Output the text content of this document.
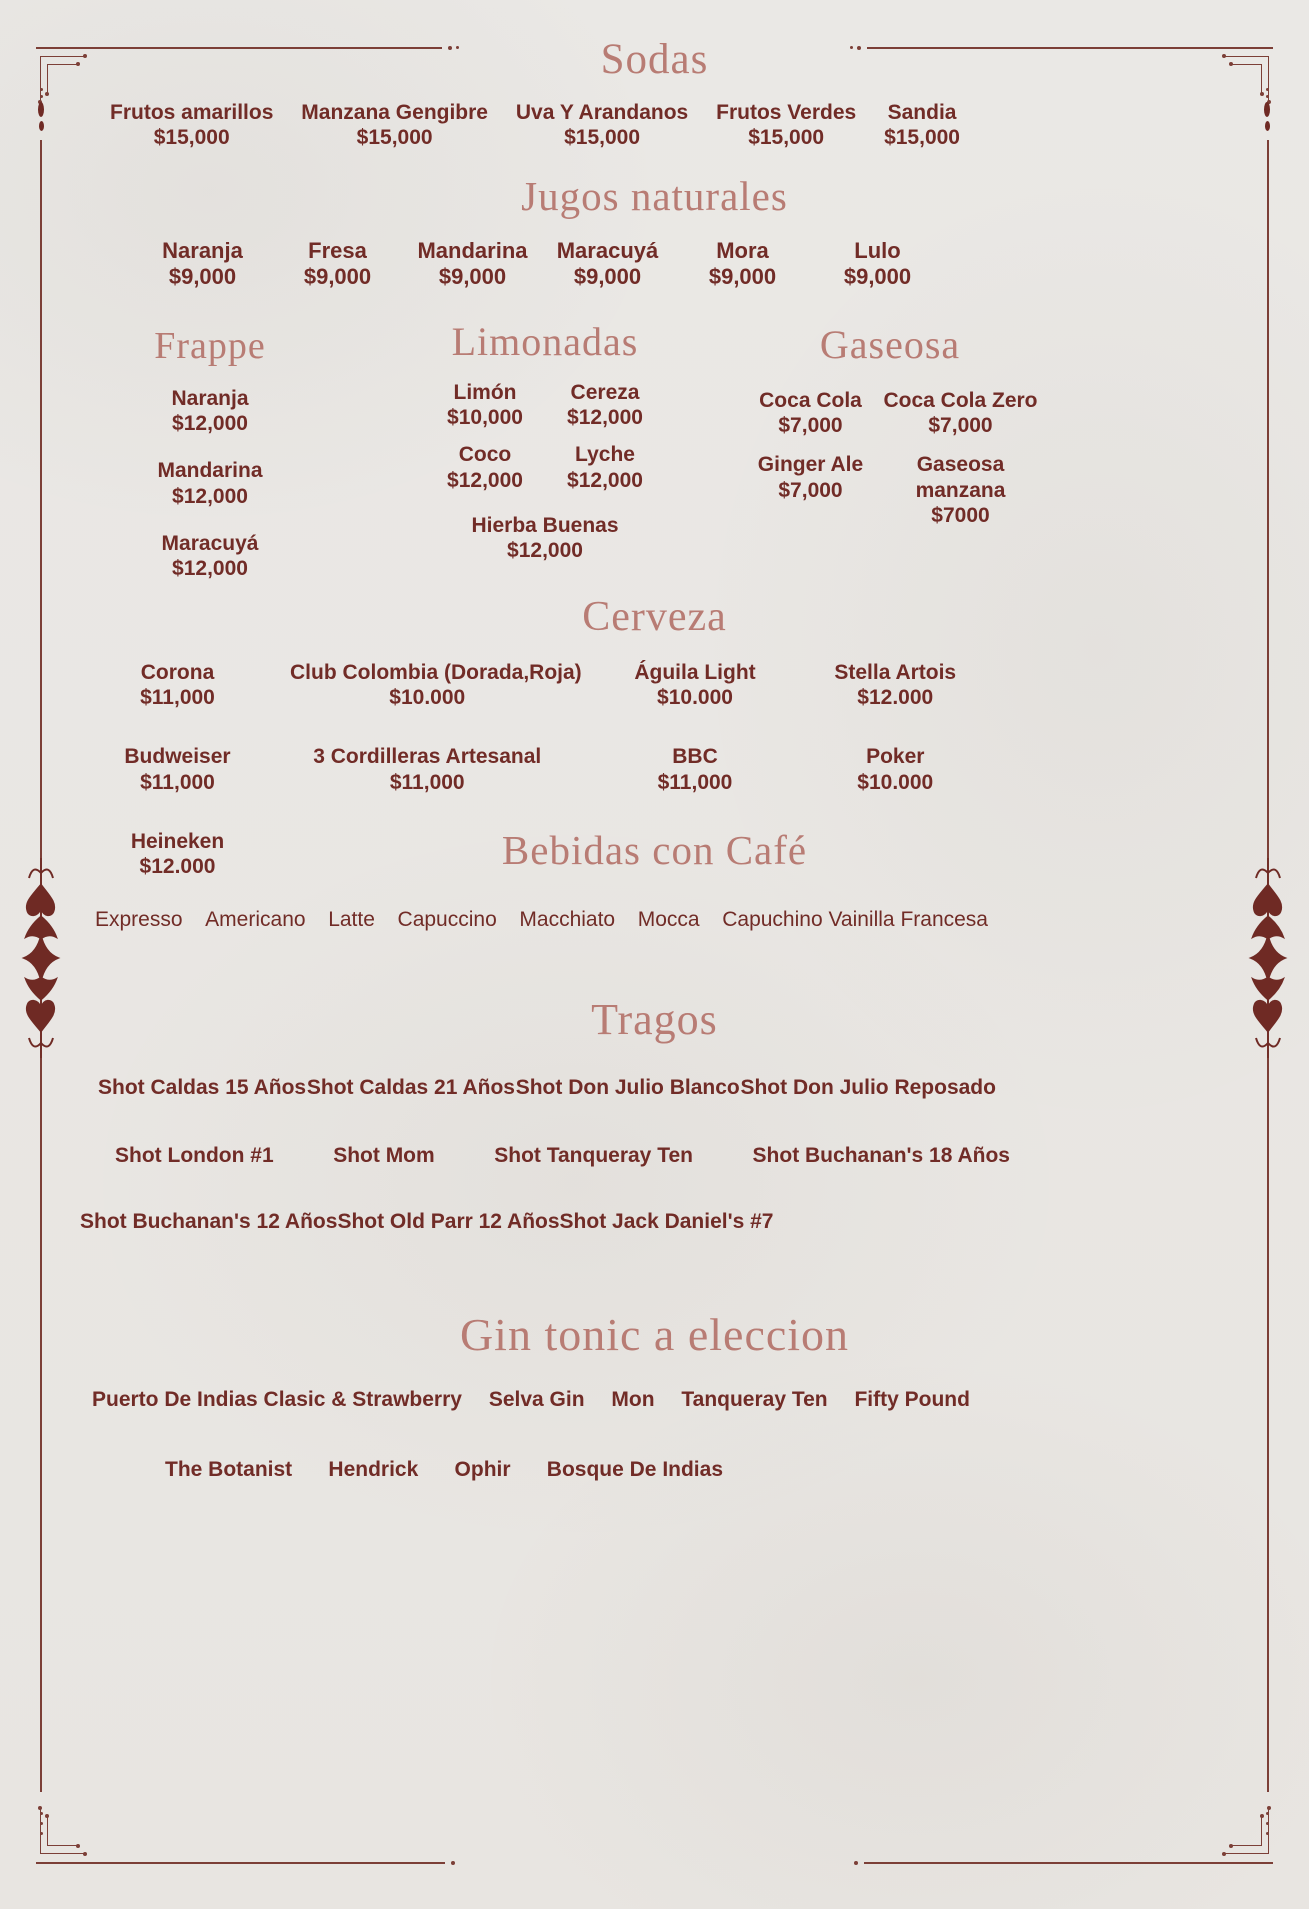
Sodas
Frutos amarillos
$15,000
Manzana Gengibre
$15,000
Uva Y Arandanos
$15,000
Frutos Verdes
$15,000
Sandia
$15,000
Jugos naturales
Naranja
$9,000
Fresa
$9,000
Mandarina
$9,000
Maracuyá
$9,000
Mora
$9,000
Lulo
$9,000
Frappe
Naranja
$12,000
Mandarina
$12,000
Maracuyá
$12,000
Limonadas
Limón
$10,000
Cereza
$12,000
Coco
$12,000
Lyche
$12,000
Hierba Buenas
$12,000
Gaseosa
Coca Cola
$7,000
Coca Cola Zero
$7,000
Ginger Ale
$7,000
Gaseosa manzana
$7000
Cerveza
Corona
$11,000
Club Colombia (Dorada,Roja)
$10.000
Águila Light
$10.000
Stella Artois
$12.000
Budweiser
$11,000
3 Cordilleras Artesanal
$11,000
BBC
$11,000
Poker
$10.000
Heineken
$12.000	Bebidas con Café
Expresso Americano Latte Capuccino Macchiato Mocca Capuchino Vainilla Francesa
Tragos
Shot Caldas 15 Años Shot Caldas 21 Años Shot Don Julio Blanco Shot Don Julio Reposado
Shot London #1	Shot Mom	Shot Tanqueray Ten	Shot Buchanan's 18 Años
Shot Buchanan's 12 Años Shot Old Parr 12 Años Shot Jack Daniel's #7
Gin tonic a eleccion
Puerto De Indias Clasic & Strawberry Selva Gin Mon Tanqueray Ten Fifty Pound
The Botanist Hendrick Ophir Bosque De Indias
